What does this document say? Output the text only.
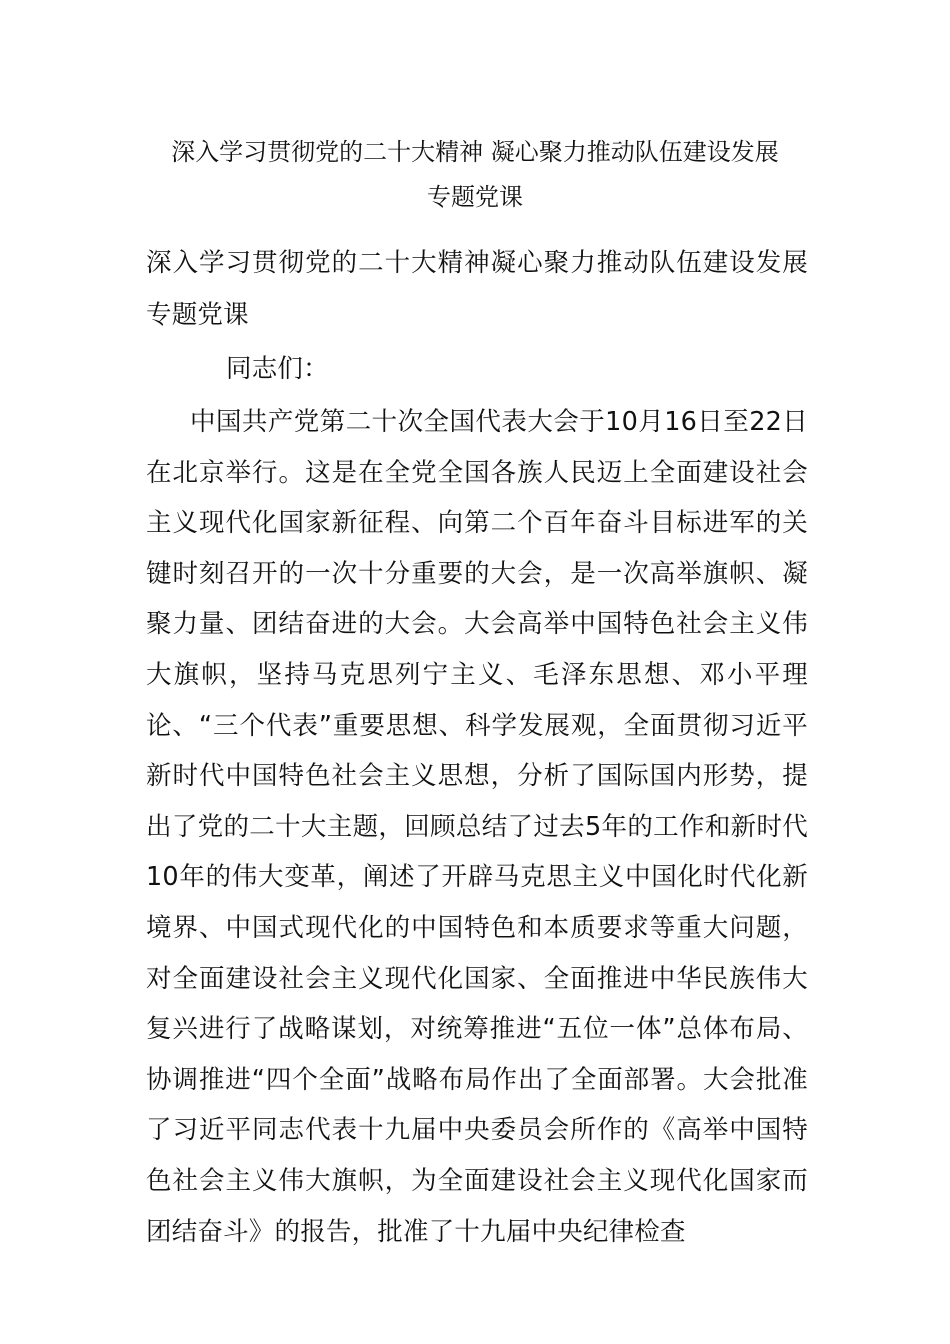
深入学习贯彻党的二十大精神 凝心聚力推动队伍建设发展
专题党课

深入学习贯彻党的二十大精神凝心聚力推动队伍建设发展专题党课

同志们：

中国共产党第二十次全国代表大会于10月16日至22日在北京举行。这是在全党全国各族人民迈上全面建设社会主义现代化国家新征程、向第二个百年奋斗目标进军的关键时刻召开的一次十分重要的大会，是一次高举旗帜、凝聚力量、团结奋进的大会。大会高举中国特色社会主义伟大旗帜，坚持马克思列宁主义、毛泽东思想、邓小平理论、“三个代表”重要思想、科学发展观，全面贯彻习近平新时代中国特色社会主义思想，分析了国际国内形势，提出了党的二十大主题，回顾总结了过去5年的工作和新时代10年的伟大变革，阐述了开辟马克思主义中国化时代化新境界、中国式现代化的中国特色和本质要求等重大问题，对全面建设社会主义现代化国家、全面推进中华民族伟大复兴进行了战略谋划，对统筹推进“五位一体”总体布局、协调推进“四个全面”战略布局作出了全面部署。大会批准了习近平同志代表十九届中央委员会所作的《高举中国特色社会主义伟大旗帜，为全面建设社会主义现代化国家而团结奋斗》的报告，批准了十九届中央纪律检查
